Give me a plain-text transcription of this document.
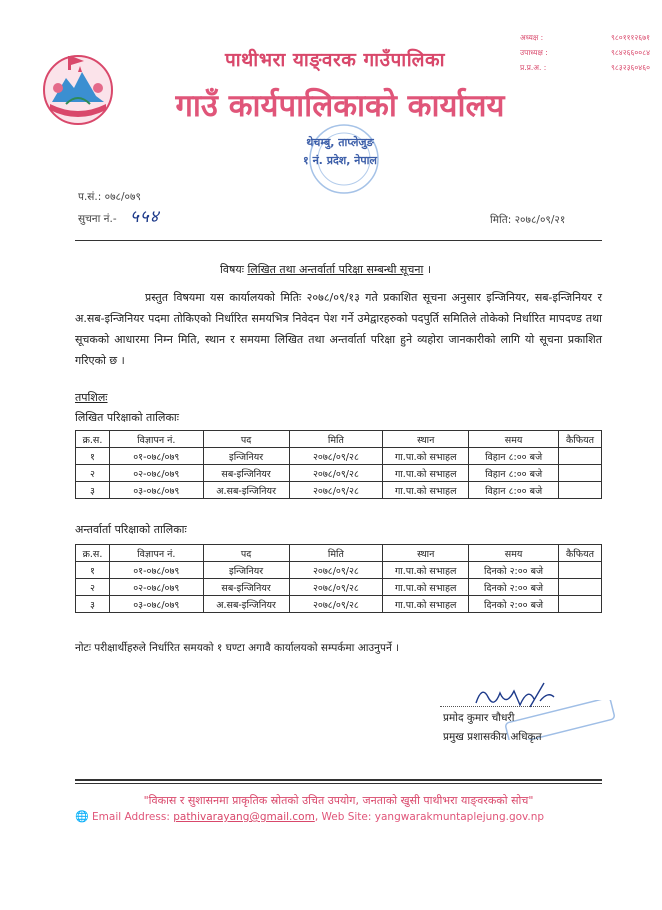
पाथीभरा याङ्वरक गाउँपालिका
गाउँ कार्यपालिकाको कार्यालय
अध्यक्ष :	९८०१११२६७१
उपाध्यक्ष :	९८४२६६००८४
प्र.प्र.अ. :	९८३२३६०४६०
थेचम्बु, ताप्लेजुङ
१ नं. प्रदेश, नेपाल
प.सं.: ०७८/०७९
सुचना नं.- ५५४	मिति: २०७८/०९/२१
विषयः लिखित तथा अन्तर्वार्ता परिक्षा सम्बन्धी सूचना ।

प्रस्तुत विषयमा यस कार्यालयको मितिः २०७८/०९/१३ गते प्रकाशित सूचना अनुसार इन्जिनियर, सब-इन्जिनियर र अ.सब-इन्जिनियर पदमा तोकिएको निर्धारित समयभित्र निवेदन पेश गर्ने उमेद्वारहरुको पदपुर्ति समितिले तोकेको निर्धारित मापदण्ड तथा सूचकको आधारमा निम्न मिति, स्थान र समयमा लिखित तथा अन्तर्वार्ता परिक्षा हुने व्यहोरा जानकारीको लागि यो सूचना प्रकाशित गरिएको छ ।

तपशिलः
लिखित परिक्षाको तालिकाः
क्र.स.	विज्ञापन नं.	पद	मिति	स्थान	समय	कैफियत
१	०१-०७८/०७९	इन्जिनियर	२०७८/०९/२८	गा.पा.को सभाहल	विहान ८:०० बजे	
२	०२-०७८/०७९	सब-इन्जिनियर	२०७८/०९/२८	गा.पा.को सभाहल	विहान ८:०० बजे	
३	०३-०७८/०७९	अ.सब-इन्जिनियर	२०७८/०९/२८	गा.पा.को सभाहल	विहान ८:०० बजे	
अन्तर्वार्ता परिक्षाको तालिकाः
क्र.स.	विज्ञापन नं.	पद	मिति	स्थान	समय	कैफियत
१	०१-०७८/०७९	इन्जिनियर	२०७८/०९/२८	गा.पा.को सभाहल	दिनको २:०० बजे	
२	०२-०७८/०७९	सब-इन्जिनियर	२०७८/०९/२८	गा.पा.को सभाहल	दिनको २:०० बजे	
३	०३-०७८/०७९	अ.सब-इन्जिनियर	२०७८/०९/२८	गा.पा.को सभाहल	दिनको २:०० बजे	
नोटः परीक्षार्थीहरुले निर्धारित समयको १ घण्टा अगावै कार्यालयको सम्पर्कमा आउनुपर्ने ।
प्रमोद कुमार चौधरी
प्रमुख प्रशासकीय अधिकृत
"विकास र सुशासनमा प्राकृतिक स्रोतको उचित उपयोग, जनताको खुसी पाथीभरा याङ्वरकको सोच"
🌐 Email Address: pathivarayang@gmail.com, Web Site: yangwarakmuntaplejung.gov.np
